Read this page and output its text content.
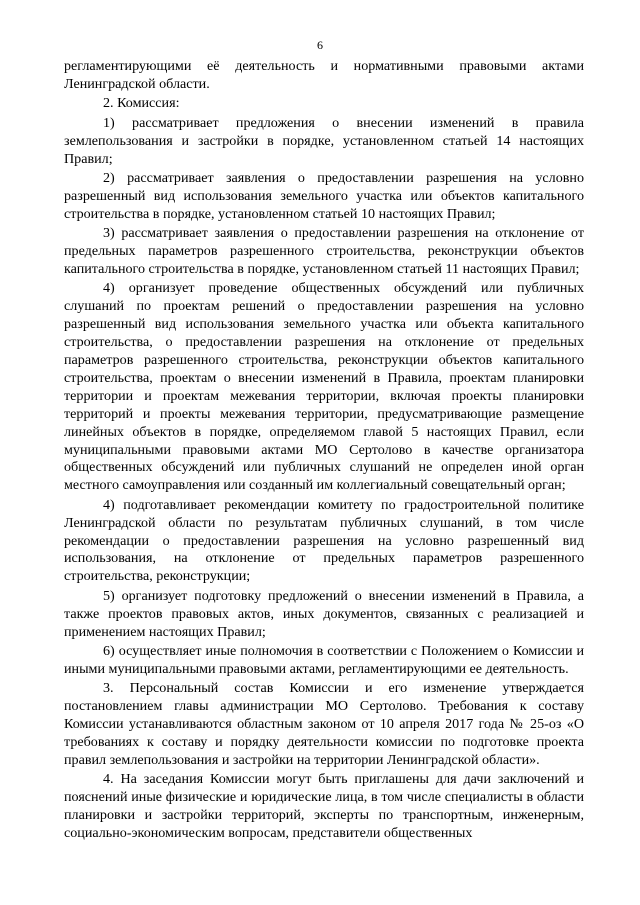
6

регламентирующими её деятельность и нормативными правовыми актами Ленинградской области.

2. Комиссия:

1) рассматривает предложения о внесении изменений в правила землепользования и застройки в порядке, установленном статьей 14 настоящих Правил;

2) рассматривает заявления о предоставлении разрешения на условно разрешенный вид использования земельного участка или объектов капитального строительства в порядке, установленном статьей 10 настоящих Правил;

3) рассматривает заявления о предоставлении разрешения на отклонение от предельных параметров разрешенного строительства, реконструкции объектов капитального строительства в порядке, установленном статьей 11 настоящих Правил;

4) организует проведение общественных обсуждений или публичных слушаний по проектам решений о предоставлении разрешения на условно разрешенный вид использования земельного участка или объекта капитального строительства, о предоставлении разрешения на отклонение от предельных параметров разрешенного строительства, реконструкции объектов капитального строительства, проектам о внесении изменений в Правила, проектам планировки территории и проектам межевания территории, включая проекты планировки территорий и проекты межевания территории, предусматривающие размещение линейных объектов в порядке, определяемом главой 5 настоящих Правил, если муниципальными правовыми актами МО Сертолово в качестве организатора общественных обсуждений или публичных слушаний не определен иной орган местного самоуправления или созданный им коллегиальный совещательный орган;

4) подготавливает рекомендации комитету по градостроительной политике Ленинградской области по результатам публичных слушаний, в том числе рекомендации о предоставлении разрешения на условно разрешенный вид использования, на отклонение от предельных параметров разрешенного строительства, реконструкции;

5) организует подготовку предложений о внесении изменений в Правила, а также проектов правовых актов, иных документов, связанных с реализацией и применением настоящих Правил;

6) осуществляет иные полномочия в соответствии с Положением о Комиссии и иными муниципальными правовыми актами, регламентирующими ее деятельность.

3. Персональный состав Комиссии и его изменение утверждается постановлением главы администрации МО Сертолово. Требования к составу Комиссии устанавливаются областным законом от 10 апреля 2017 года № 25-оз «О требованиях к составу и порядку деятельности комиссии по подготовке проекта правил землепользования и застройки на территории Ленинградской области».

4. На заседания Комиссии могут быть приглашены для дачи заключений и пояснений иные физические и юридические лица, в том числе специалисты в области планировки и застройки территорий, эксперты по транспортным, инженерным, социально-экономическим вопросам, представители общественных
